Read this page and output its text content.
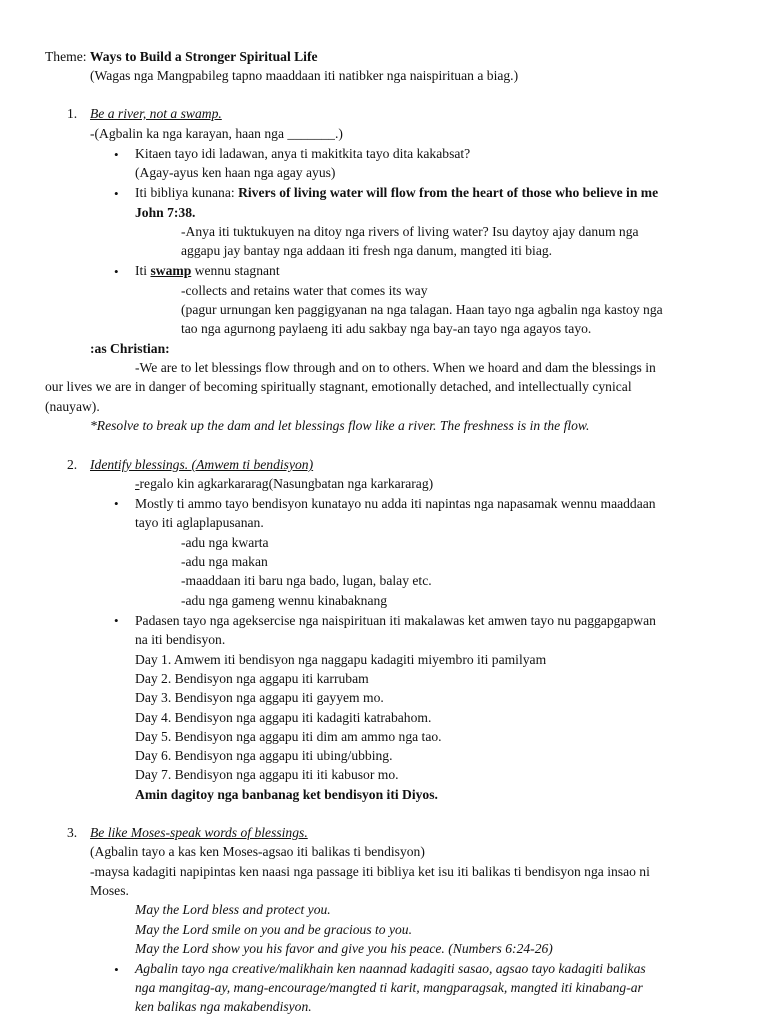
Theme: Ways to Build a Stronger Spiritual Life
(Wagas nga Mangpabileg tapno maaddaan iti natibker nga naispirituan a biag.)
1. Be a river, not a swamp.
-(Agbalin ka nga karayan, haan nga _______.)
• Kitaen tayo idi ladawan, anya ti makitkita tayo dita kakabsat?
(Agay-ayus ken haan nga agay ayus)
• Iti bibliya kunana: Rivers of living water will flow from the heart of those who believe in me
John 7:38.
-Anya iti tuktukuyen na ditoy nga rivers of living water? Isu daytoy ajay danum nga
aggapu jay bantay nga addaan iti fresh nga danum, mangted iti biag.
• Iti swamp wennu stagnant
-collects and retains water that comes its way
(pagur urnungan ken paggigyanan na nga talagan. Haan tayo nga agbalin nga kastoy nga
tao nga agurnong paylaeng iti adu sakbay nga bay-an tayo nga agayos tayo.
:as Christian:
-We are to let blessings flow through and on to others. When we hoard and dam the blessings in
our lives we are in danger of becoming spiritually stagnant, emotionally detached, and intellectually cynical
(nauyaw).
*Resolve to break up the dam and let blessings flow like a river. The freshness is in the flow.
2. Identify blessings. (Amwem ti bendisyon)
-regalo kin agkarkararag(Nasungbatan nga karkararag)
• Mostly ti ammo tayo bendisyon kunatayo nu adda iti napintas nga napasamak wennu maaddaan
tayo iti aglaplapusanan.
-adu nga kwarta
-adu nga makan
-maaddaan iti baru nga bado, lugan, balay etc.
-adu nga gameng wennu kinabaknang
• Padasen tayo nga ageksercise nga naispirituan iti makalawas ket amwen tayo nu paggapgapwan
na iti bendisyon.
Day 1. Amwem iti bendisyon nga naggapu kadagiti miyembro iti pamilyam
Day 2. Bendisyon nga aggapu iti karrubam
Day 3. Bendisyon nga aggapu iti gayyem mo.
Day 4. Bendisyon nga aggapu iti kadagiti katrabahom.
Day 5. Bendisyon nga aggapu iti dim am ammo nga tao.
Day 6. Bendisyon nga aggapu iti ubing/ubbing.
Day 7. Bendisyon nga aggapu iti iti kabusor mo.
Amin dagitoy nga banbanag ket bendisyon iti Diyos.
3. Be like Moses-speak words of blessings.
(Agbalin tayo a kas ken Moses-agsao iti balikas ti bendisyon)
-maysa kadagiti napipintas ken naasi nga passage iti bibliya ket isu iti balikas ti bendisyon nga insao ni
Moses.
May the Lord bless and protect you.
May the Lord smile on you and be gracious to you.
May the Lord show you his favor and give you his peace. (Numbers 6:24-26)
• Agbalin tayo nga creative/malikhain ken naannad kadagiti sasao, agsao tayo kadagiti balikas
nga mangitag-ay, mang-encourage/mangted ti karit, mangparagsak, mangted iti kinabang-ar
ken balikas nga makabendisyon.
